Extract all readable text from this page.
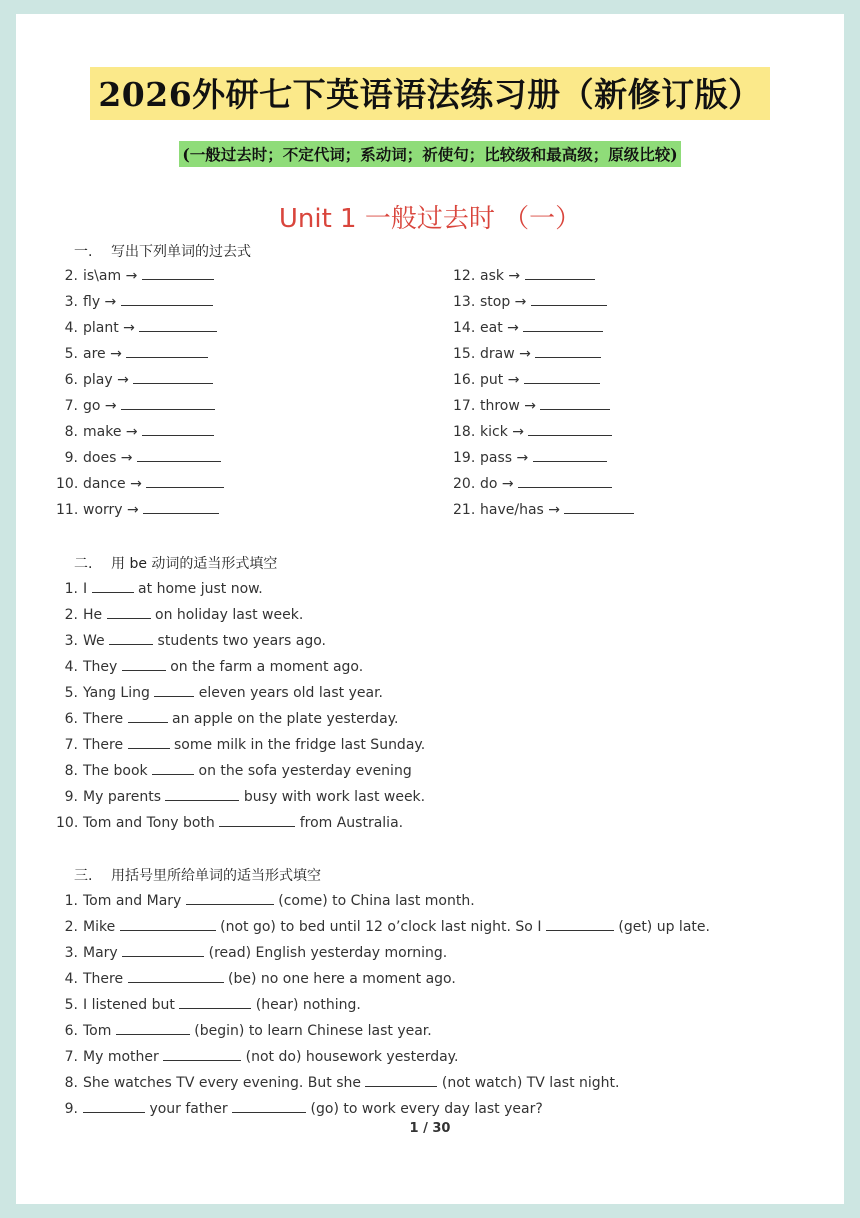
2026外研七下英语语法练习册（新修订版）
(一般过去时；不定代词；系动词；祈使句；比较级和最高级；原级比较)
Unit 1 一般过去时 （一）
一. 写出下列单词的过去式
2. is\am →
3. fly →
4. plant →
5. are →
6. play →
7. go →
8. make →
9. does →
10. dance →
11. worry →
12. ask →
13. stop →
14. eat →
15. draw →
16. put →
17. throw →
18. kick →
19. pass →
20. do →
21. have/has →
二. 用 be 动词的适当形式填空
1. I	at home just now.
2. He	on holiday last week.
3. We	students two years ago.
4. They	on the farm a moment ago.
5. Yang Ling	eleven years old last year.
6. There	an apple on the plate yesterday.
7. There	some milk in the fridge last Sunday.
8. The book	on the sofa yesterday evening
9. My parents	busy with work last week.
10. Tom and Tony both	from Australia.
三. 用括号里所给单词的适当形式填空
1. Tom and Mary	(come) to China last month.
2. Mike	(not go) to bed until 12 o’clock last night. So I	(get) up late.
3. Mary	(read) English yesterday morning.
4. There	(be) no one here a moment ago.
5. I listened but	(hear) nothing.
6. Tom	(begin) to learn Chinese last year.
7. My mother	(not do) housework yesterday.
8. She watches TV every evening. But she	(not watch) TV last night.
9.	your father	(go) to work every day last year?
1 / 30
